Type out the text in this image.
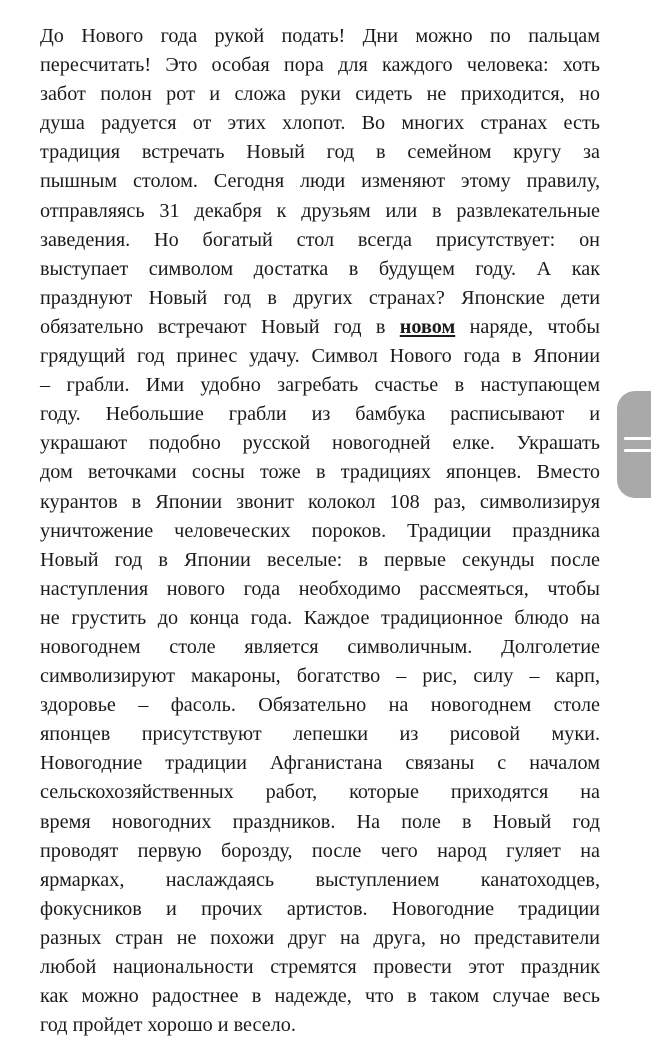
До Нового года рукой подать! Дни можно по пальцам
пересчитать! Это особая пора для каждого человека: хоть
забот полон рот и сложа руки сидеть не приходится, но
душа радуется от этих хлопот. Во многих странах есть
традиция встречать Новый год в семейном кругу за
пышным столом. Сегодня люди изменяют этому правилу,
отправляясь 31 декабря к друзьям или в развлекательные
заведения. Но богатый стол всегда присутствует: он
выступает символом достатка в будущем году. А как
празднуют Новый год в других странах? Японские дети
обязательно встречают Новый год в новом наряде, чтобы
грядущий год принес удачу. Символ Нового года в Японии
– грабли. Ими удобно загребать счастье в наступающем
году. Небольшие грабли из бамбука расписывают и
украшают подобно русской новогодней елке. Украшать
дом веточками сосны тоже в традициях японцев. Вместо
курантов в Японии звонит колокол 108 раз, символизируя
уничтожение человеческих пороков. Традиции праздника
Новый год в Японии веселые: в первые секунды после
наступления нового года необходимо рассмеяться, чтобы
не грустить до конца года. Каждое традиционное блюдо на
новогоднем столе является символичным. Долголетие
символизируют макароны, богатство – рис, силу – карп,
здоровье – фасоль. Обязательно на новогоднем столе
японцев присутствуют лепешки из рисовой муки.
Новогодние традиции Афганистана связаны с началом
сельскохозяйственных работ, которые приходятся на
время новогодних праздников. На поле в Новый год
проводят первую борозду, после чего народ гуляет на
ярмарках, наслаждаясь выступлением канатоходцев,
фокусников и прочих артистов. Новогодние традиции
разных стран не похожи друг на друга, но представители
любой национальности стремятся провести этот праздник
как можно радостнее в надежде, что в таком случае весь
год пройдет хорошо и весело.
